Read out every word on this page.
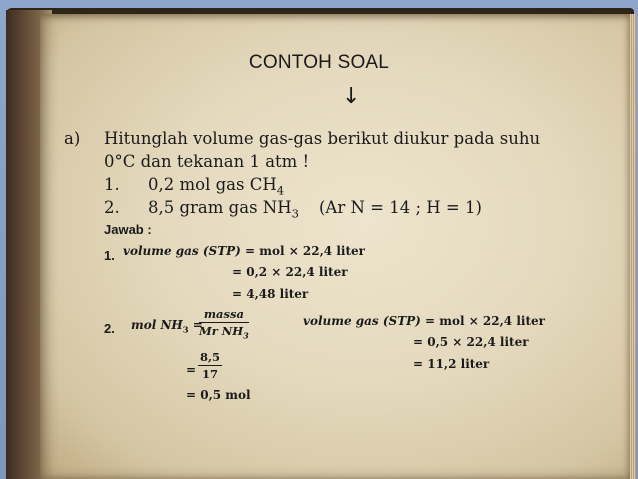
CONTOH SOAL
↓
a) Hitunglah volume gas-gas berikut diukur pada suhu
0°C dan tekanan 1 atm !
1. 0,2 mol gas $CH_4$
2. 8,5 gram gas $NH_3$ (Ar N = 14 ; H = 1)
Jawab :
1. volume gas (STP) = mol × 22,4 liter
= 0,2 × 22,4 liter
= 4,48 liter
2. mol $NH_3$ =
massa
Mr $NH_3$
= $\frac{8,5}{17}$
= 0,5 mol
volume gas (STP) = mol × 22,4 liter
= 0,5 × 22,4 liter
= 11,2 liter
